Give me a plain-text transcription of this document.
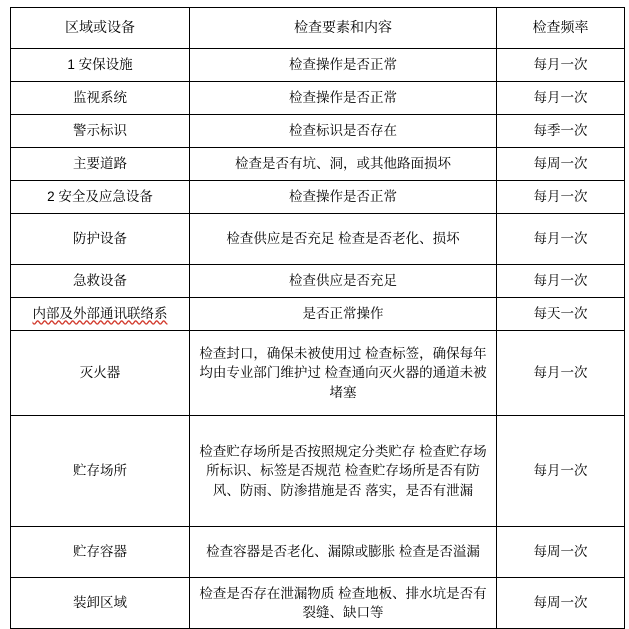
区域或设备	检查要素和内容	检查频率
1 安保设施	检查操作是否正常	每月一次
监视系统	检查操作是否正常	每月一次
警示标识	检查标识是否存在	每季一次
主要道路	检查是否有坑、洞，或其他路面损坏	每周一次
2 安全及应急设备	检查操作是否正常	每月一次
防护设备	检查供应是否充足 检查是否老化、损坏	每月一次
急救设备	检查供应是否充足	每月一次
内部及外部通讯联络系	是否正常操作	每天一次
灭火器	检查封口，确保未被使用过 检查标签，确保每年均由专业部门维护过 检查通向灭火器的通道未被堵塞	每月一次
贮存场所	检查贮存场所是否按照规定分类贮存 检查贮存场所标识、标签是否规范 检查贮存场所是否有防风、防雨、防渗措施是否 落实，是否有泄漏	每月一次
贮存容器	检查容器是否老化、漏隙或膨胀 检查是否溢漏	每周一次
装卸区域	检查是否存在泄漏物质 检查地板、排水坑是否有裂缝、缺口等	每周一次
